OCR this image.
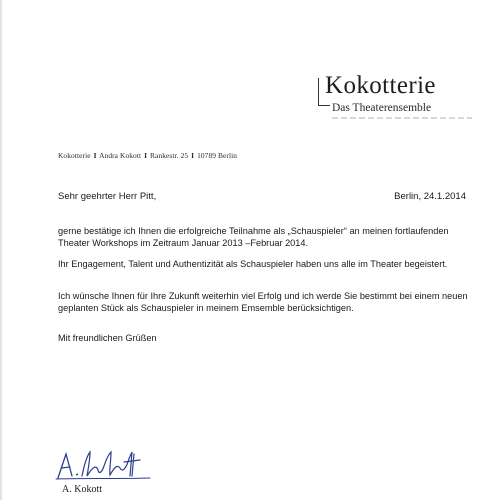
Kokotterie
Das Theaterensemble
Kokotterie I Andra Kokott I Rankestr. 25 I 10789 Berlin
Sehr geehrter Herr Pitt,	Berlin, 24.1.2014

gerne bestätige ich Ihnen die erfolgreiche Teilnahme als „Schauspieler“ an meinen fortlaufenden Theater Workshops im Zeitraum Januar 2013 –Februar 2014.

Ihr Engagement, Talent und Authentizität als Schauspieler haben uns alle im Theater begeistert.

Ich wünsche Ihnen für Ihre Zukunft weiterhin viel Erfolg und ich werde Sie bestimmt bei einem neuen geplanten Stück als Schauspieler in meinem Emsemble berücksichtigen.

Mit freundlichen Grüßen
A. Kokott
